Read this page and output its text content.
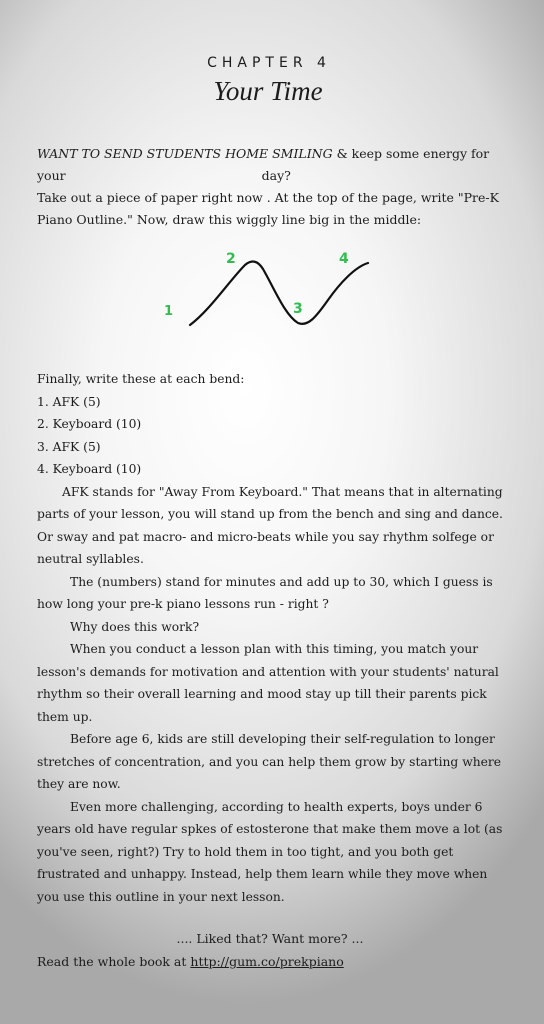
CHAPTER 4
Your Time
WANT TO SEND STUDENTS HOME SMILING & keep some energy for
your	day?
Take out a piece of paper right now . At the top of the page, write "Pre-K Piano Outline." Now, draw this wiggly line big in the middle:
1
2
3
4

Finally, write these at each bend:

1. AFK (5)

2. Keyboard (10)

3. AFK (5)

4. Keyboard (10)

AFK stands for "Away From Keyboard." That means that in alternating parts of your lesson, you will stand up from the bench and sing and dance. Or sway and pat macro- and micro-beats while you say rhythm solfege or neutral syllables.

The (numbers) stand for minutes and add up to 30, which I guess is how long your pre-k piano lessons run - right ?

Why does this work?

When you conduct a lesson plan with this timing, you match your lesson's demands for motivation and attention with your students' natural rhythm so their overall learning and mood stay up till their parents pick them up.

Before age 6, kids are still developing their self-regulation to longer stretches of concentration, and you can help them grow by starting where they are now.

Even more challenging, according to health experts, boys under 6 years old have regular spkes of estosterone that make them move a lot (as you've seen, right?) Try to hold them in too tight, and you both get frustrated and unhappy. Instead, help them learn while they move when you use this outline in your next lesson.

.... Liked that? Want more? ...
Read the whole book at http://gum.co/prekpiano
